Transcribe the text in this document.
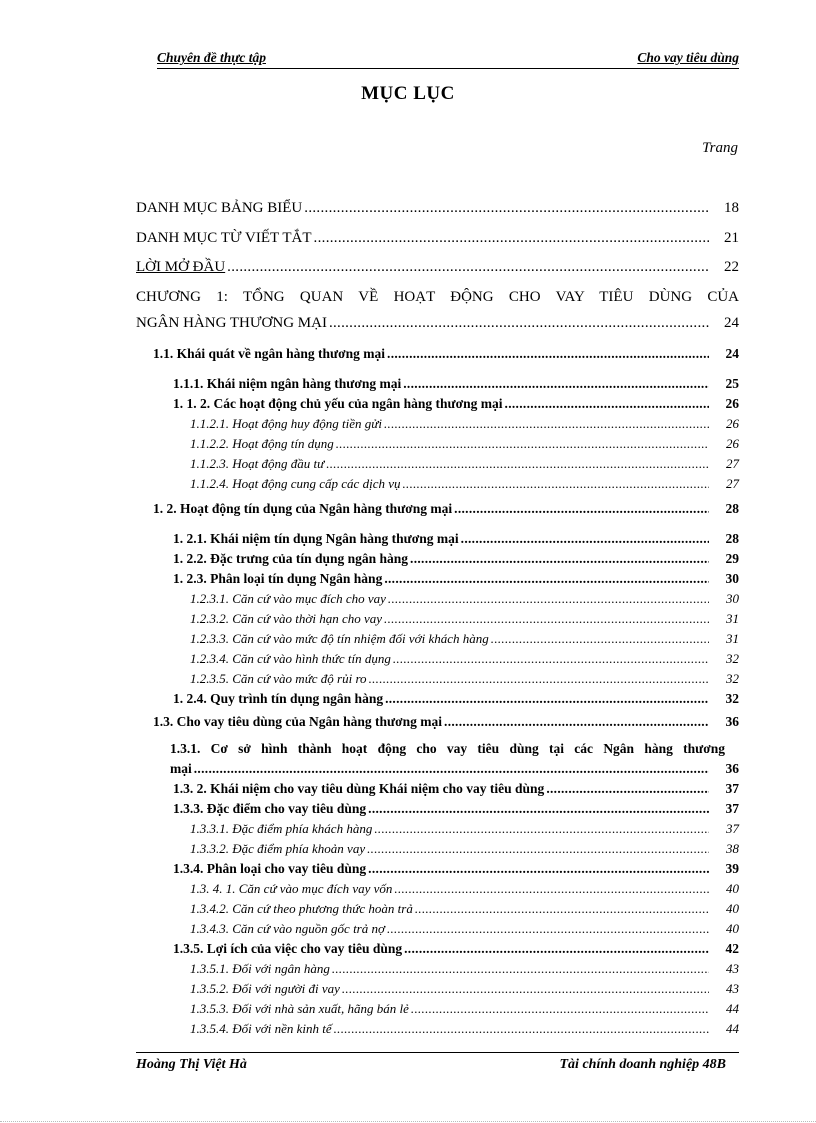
Chuyên đề thực tập	Cho vay tiêu dùng
MỤC LỤC
Trang
DANH MỤC BẢNG BIỂU .....	18
DANH MỤC TỪ VIẾT TẮT .....	21
LỜI MỞ ĐẦU .....	22
CHƯƠNG 1: TỔNG QUAN VỀ HOẠT ĐỘNG CHO VAY TIÊU DÙNG CỦA
NGÂN HÀNG THƯƠNG MẠI .....	24
1.1. Khái quát về ngân hàng thương mại .....	24
1.1.1. Khái niệm ngân hàng thương mại .....	25
1. 1. 2. Các hoạt động chủ yếu của ngân hàng thương mại .....	26
1.1.2.1. Hoạt động huy động tiền gửi .....	26
1.1.2.2. Hoạt động tín dụng .....	26
1.1.2.3. Hoạt động đầu tư .....	27
1.1.2.4. Hoạt động cung cấp các dịch vụ .....	27
1. 2. Hoạt động tín dụng của Ngân hàng thương mại .....	28
1. 2.1. Khái niệm tín dụng Ngân hàng thương mại .....	28
1. 2.2. Đặc trưng của tín dụng ngân hàng .....	29
1. 2.3. Phân loại tín dụng Ngân hàng .....	30
1.2.3.1. Căn cứ vào mục đích cho vay .....	30
1.2.3.2. Căn cứ vào thời hạn cho vay .....	31
1.2.3.3. Căn cứ vào mức độ tín nhiệm đối với khách hàng .....	31
1.2.3.4. Căn cứ vào hình thức tín dụng .....	32
1.2.3.5. Căn cứ vào mức độ rủi ro .....	32
1. 2.4. Quy trình tín dụng ngân hàng .....	32
1.3. Cho vay tiêu dùng của Ngân hàng thương mại .....	36
1.3.1. Cơ sở hình thành hoạt động cho vay tiêu dùng tại các Ngân hàng thương
mại .....	36
1.3. 2. Khái niệm cho vay tiêu dùng Khái niệm cho vay tiêu dùng .....	37
1.3.3. Đặc điểm cho vay tiêu dùng .....	37
1.3.3.1. Đặc điểm phía khách hàng .....	37
1.3.3.2. Đặc điểm phía khoản vay .....	38
1.3.4. Phân loại cho vay tiêu dùng .....	39
1.3. 4. 1. Căn cứ vào mục đích vay vốn .....	40
1.3.4.2. Căn cứ theo phương thức hoàn trả .....	40
1.3.4.3. Căn cứ vào nguồn gốc trả nợ .....	40
1.3.5. Lợi ích của việc cho vay tiêu dùng .....	42
1.3.5.1. Đối với ngân hàng .....	43
1.3.5.2. Đối với người đi vay .....	43
1.3.5.3. Đối với nhà sản xuất, hãng bán lẻ .....	44
1.3.5.4. Đối với nền kinh tế .....	44
Hoàng Thị Việt Hà	Tài chính doanh nghiệp 48B
